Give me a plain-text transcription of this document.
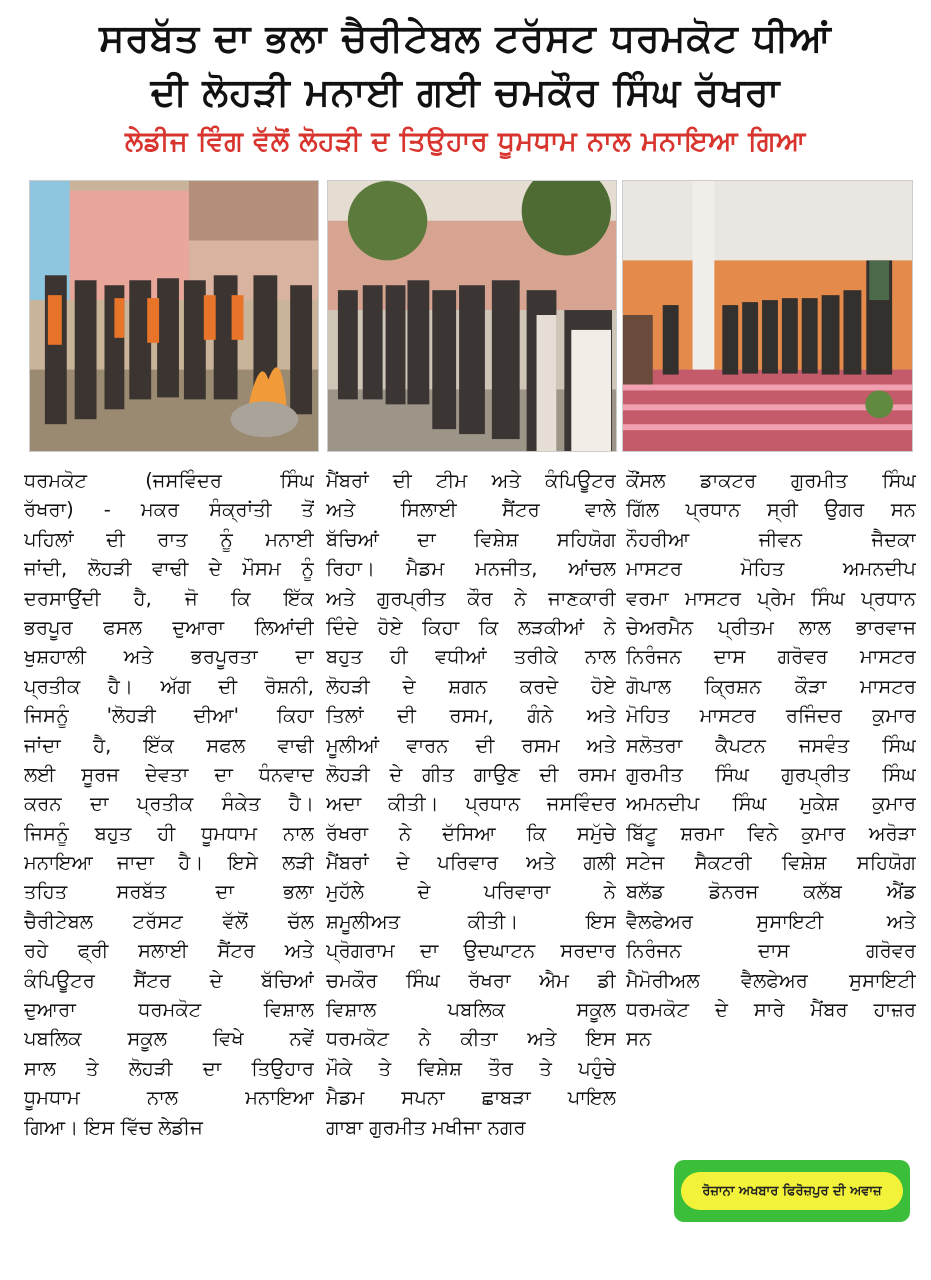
ਸਰਬੱਤ ਦਾ ਭਲਾ ਚੈਰੀਟੇਬਲ ਟਰੱਸਟ ਧਰਮਕੋਟ ਧੀਆਂ
ਦੀ ਲੋਹੜੀ ਮਨਾਈ ਗਈ ਚਮਕੌਰ ਸਿੰਘ ਰੱਖਰਾ
ਲੇਡੀਜ ਵਿੰਗ ਵੱਲੋਂ ਲੋਹੜੀ ਦ ਤਿਉਹਾਰ ਧੂਮਧਾਮ ਨਾਲ ਮਨਾਇਆ ਗਿਆ
ਧਰਮਕੋਟ (ਜਸਵਿੰਦਰ ਸਿੰਘ
ਰੱਖਰਾ) - ਮਕਰ ਸੰਕ੍ਰਾਂਤੀ ਤੋਂ
ਪਹਿਲਾਂ ਦੀ ਰਾਤ ਨੂੰ ਮਨਾਈ
ਜਾਂਦੀ, ਲੋਹੜੀ ਵਾਢੀ ਦੇ ਮੌਸਮ ਨੂੰ
ਦਰਸਾਉਂਦੀ ਹੈ, ਜੋ ਕਿ ਇੱਕ
ਭਰਪੂਰ ਫਸਲ ਦੁਆਰਾ ਲਿਆਂਦੀ
ਖੁਸ਼ਹਾਲੀ ਅਤੇ ਭਰਪੂਰਤਾ ਦਾ
ਪ੍ਰਤੀਕ ਹੈ। ਅੱਗ ਦੀ ਰੋਸ਼ਨੀ,
ਜਿਸਨੂੰ 'ਲੋਹੜੀ ਦੀਆ' ਕਿਹਾ
ਜਾਂਦਾ ਹੈ, ਇੱਕ ਸਫਲ ਵਾਢੀ
ਲਈ ਸੂਰਜ ਦੇਵਤਾ ਦਾ ਧੰਨਵਾਦ
ਕਰਨ ਦਾ ਪ੍ਰਤੀਕ ਸੰਕੇਤ ਹੈ।
ਜਿਸਨੂੰ ਬਹੁਤ ਹੀ ਧੂਮਧਾਮ ਨਾਲ
ਮਨਾਇਆ ਜਾਦਾ ਹੈ। ਇਸੇ ਲੜੀ
ਤਹਿਤ ਸਰਬੱਤ ਦਾ ਭਲਾ
ਚੈਰੀਟੇਬਲ ਟਰੱਸਟ ਵੱਲੋਂ ਚੱਲ
ਰਹੇ ਫ੍ਰੀ ਸਲਾਈ ਸੈਂਟਰ ਅਤੇ
ਕੰਪਿਊਟਰ ਸੈਂਟਰ ਦੇ ਬੱਚਿਆਂ
ਦੁਆਰਾ ਧਰਮਕੋਟ ਵਿਸ਼ਾਲ
ਪਬਲਿਕ ਸਕੂਲ ਵਿਖੇ ਨਵੇਂ
ਸਾਲ ਤੇ ਲੋਹੜੀ ਦਾ ਤਿਉਹਾਰ
ਧੂਮਧਾਮ ਨਾਲ ਮਨਾਇਆ
ਗਿਆ। ਇਸ ਵਿੱਚ ਲੇਡੀਜ
ਮੈਂਬਰਾਂ ਦੀ ਟੀਮ ਅਤੇ ਕੰਪਿਊਟਰ
ਅਤੇ ਸਿਲਾਈ ਸੈਂਟਰ ਵਾਲੇ
ਬੱਚਿਆਂ ਦਾ ਵਿਸ਼ੇਸ਼ ਸਹਿਯੋਗ
ਰਿਹਾ। ਮੈਡਮ ਮਨਜੀਤ, ਆਂਚਲ
ਅਤੇ ਗੁਰਪ੍ਰੀਤ ਕੌਰ ਨੇ ਜਾਣਕਾਰੀ
ਦਿੰਦੇ ਹੋਏ ਕਿਹਾ ਕਿ ਲੜਕੀਆਂ ਨੇ
ਬਹੁਤ ਹੀ ਵਧੀਆਂ ਤਰੀਕੇ ਨਾਲ
ਲੋਹੜੀ ਦੇ ਸ਼ਗਨ ਕਰਦੇ ਹੋਏ
ਤਿਲਾਂ ਦੀ ਰਸਮ, ਗੰਨੇ ਅਤੇ
ਮੂਲੀਆਂ ਵਾਰਨ ਦੀ ਰਸਮ ਅਤੇ
ਲੋਹੜੀ ਦੇ ਗੀਤ ਗਾਉਣ ਦੀ ਰਸਮ
ਅਦਾ ਕੀਤੀ। ਪ੍ਰਧਾਨ ਜਸਵਿੰਦਰ
ਰੱਖਰਾ ਨੇ ਦੱਸਿਆ ਕਿ ਸਮੁੱਚੇ
ਮੈਂਬਰਾਂ ਦੇ ਪਰਿਵਾਰ ਅਤੇ ਗਲੀ
ਮੁਹੱਲੇ ਦੇ ਪਰਿਵਾਰਾ ਨੇ
ਸ਼ਮੂਲੀਅਤ ਕੀਤੀ। ਇਸ
ਪ੍ਰੋਗਰਾਮ ਦਾ ਉਦਘਾਟਨ ਸਰਦਾਰ
ਚਮਕੌਰ ਸਿੰਘ ਰੱਖਰਾ ਐਮ ਡੀ
ਵਿਸ਼ਾਲ ਪਬਲਿਕ ਸਕੂਲ
ਧਰਮਕੋਟ ਨੇ ਕੀਤਾ ਅਤੇ ਇਸ
ਮੌਕੇ ਤੇ ਵਿਸ਼ੇਸ਼ ਤੌਰ ਤੇ ਪਹੁੰਚੇ
ਮੈਡਮ ਸਪਨਾ ਛਾਬੜਾ ਪਾਇਲ
ਗਾਬਾ ਗੁਰਮੀਤ ਮਖੀਜਾ ਨਗਰ
ਕੌਂਸਲ ਡਾਕਟਰ ਗੁਰਮੀਤ ਸਿੰਘ
ਗਿੱਲ ਪ੍ਰਧਾਨ ਸ੍ਰੀ ਉਗਰ ਸਨ
ਨੌਹਰੀਆ ਜੀਵਨ ਜੈਦਕਾ
ਮਾਸਟਰ ਮੋਹਿਤ ਅਮਨਦੀਪ
ਵਰਮਾ ਮਾਸਟਰ ਪ੍ਰੇਮ ਸਿੰਘ ਪ੍ਰਧਾਨ
ਚੇਅਰਮੈਨ ਪ੍ਰੀਤਮ ਲਾਲ ਭਾਰਵਾਜ
ਨਿਰੰਜਨ ਦਾਸ ਗਰੋਵਰ ਮਾਸਟਰ
ਗੋਪਾਲ ਕ੍ਰਿਸ਼ਨ ਕੌੜਾ ਮਾਸਟਰ
ਮੋਹਿਤ ਮਾਸਟਰ ਰਜਿੰਦਰ ਕੁਮਾਰ
ਸਲੋਤਰਾ ਕੈਪਟਨ ਜਸਵੰਤ ਸਿੰਘ
ਗੁਰਮੀਤ ਸਿੰਘ ਗੁਰਪ੍ਰੀਤ ਸਿੰਘ
ਅਮਨਦੀਪ ਸਿੰਘ ਮੁਕੇਸ਼ ਕੁਮਾਰ
ਬਿੱਟੂ ਸ਼ਰਮਾ ਵਿਨੇ ਕੁਮਾਰ ਅਰੋੜਾ
ਸਟੇਜ ਸੈਕਟਰੀ ਵਿਸ਼ੇਸ਼ ਸਹਿਯੋਗ
ਬਲੱਡ ਡੋਨਰਜ ਕਲੱਬ ਐਂਡ
ਵੈਲਫੇਅਰ ਸੁਸਾਇਟੀ ਅਤੇ
ਨਿਰੰਜਨ ਦਾਸ ਗਰੋਵਰ
ਮੈਮੋਰੀਅਲ ਵੈਲਫੇਅਰ ਸੁਸਾਇਟੀ
ਧਰਮਕੋਟ ਦੇ ਸਾਰੇ ਮੈਂਬਰ ਹਾਜ਼ਰ
ਸਨ
ਰੋਜ਼ਾਨਾ ਅਖਬਾਰ ਫਿਰੋਜ਼ਪੁਰ ਦੀ ਅਵਾਜ਼
